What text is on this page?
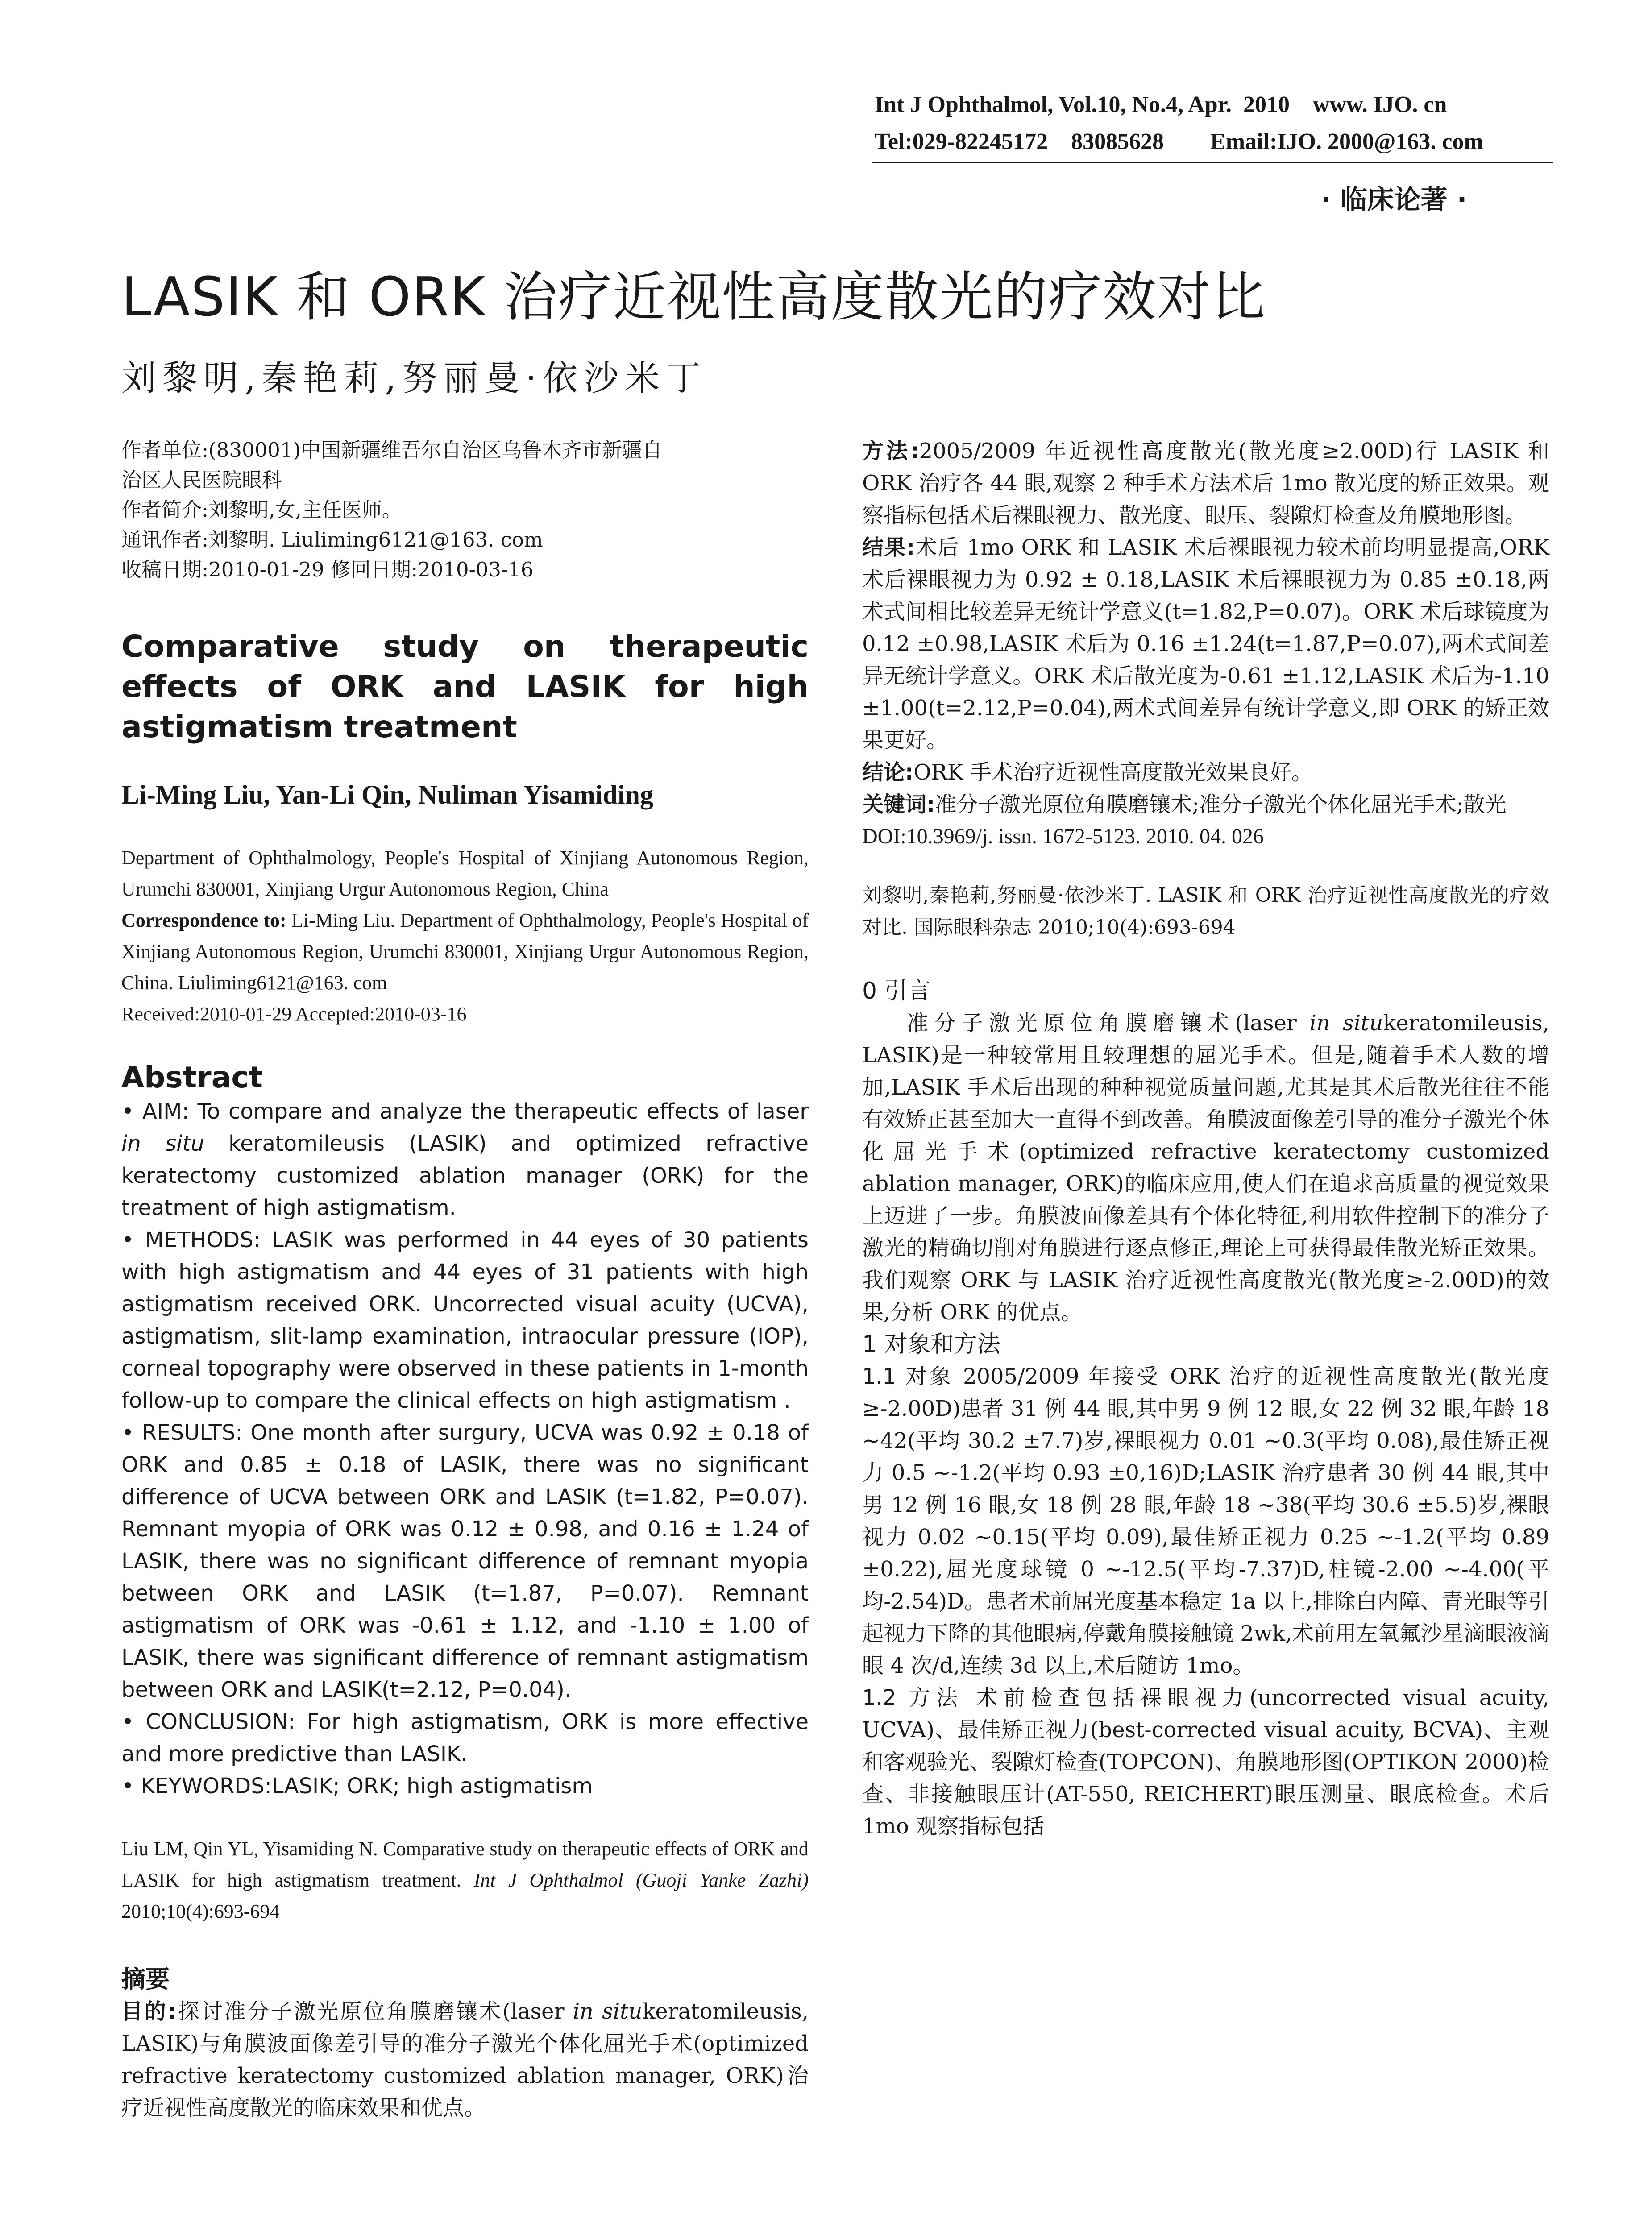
Int J Ophthalmol, Vol.10, No.4, Apr.  2010    www. IJO. cn
Tel:029-82245172    83085628        Email:IJO. 2000@163. com
· 临床论著 ·
LASIK 和 ORK 治疗近视性高度散光的疗效对比
刘黎明,秦艳莉,努丽曼·依沙米丁
作者单位:(830001)中国新疆维吾尔自治区乌鲁木齐市新疆自
治区人民医院眼科
作者简介:刘黎明,女,主任医师。
通讯作者:刘黎明. Liuliming6121@163. com
收稿日期:2010-01-29 修回日期:2010-03-16
Comparative study on therapeutic effects of ORK and LASIK for high astigmatism treatment
Li-Ming Liu, Yan-Li Qin, Nuliman Yisamiding
Department of Ophthalmology, People's Hospital of Xinjiang Autonomous Region, Urumchi 830001, Xinjiang Urgur Autonomous Region, China
Correspondence to: Li-Ming Liu. Department of Ophthalmology, People's Hospital of Xinjiang Autonomous Region, Urumchi 830001, Xinjiang Urgur Autonomous Region, China. Liuliming6121@163. com
Received:2010-01-29 Accepted:2010-03-16
Abstract

• AIM: To compare and analyze the therapeutic effects of laser in situ keratomileusis (LASIK) and optimized refractive keratectomy customized ablation manager (ORK) for the treatment of high astigmatism.

• METHODS: LASIK was performed in 44 eyes of 30 patients with high astigmatism and 44 eyes of 31 patients with high astigmatism received ORK. Uncorrected visual acuity (UCVA), astigmatism, slit-lamp examination, intraocular pressure (IOP), corneal topography were observed in these patients in 1-month follow-up to compare the clinical effects on high astigmatism .

• RESULTS: One month after surgury, UCVA was 0.92 ± 0.18 of ORK and 0.85 ± 0.18 of LASIK, there was no significant difference of UCVA between ORK and LASIK (t=1.82, P=0.07). Remnant myopia of ORK was 0.12 ± 0.98, and 0.16 ± 1.24 of LASIK, there was no significant difference of remnant myopia between ORK and LASIK (t=1.87, P=0.07). Remnant astigmatism of ORK was -0.61 ± 1.12, and -1.10 ± 1.00 of LASIK, there was significant difference of remnant astigmatism between ORK and LASIK(t=2.12, P=0.04).

• CONCLUSION: For high astigmatism, ORK is more effective and more predictive than LASIK.

• KEYWORDS:LASIK; ORK; high astigmatism

Liu LM, Qin YL, Yisamiding N. Comparative study on therapeutic effects of ORK and LASIK for high astigmatism treatment. Int J Ophthalmol (Guoji Yanke Zazhi) 2010;10(4):693-694
摘要
目的:探讨准分子激光原位角膜磨镶术(laser in situkeratomileusis, LASIK)与角膜波面像差引导的准分子激光个体化屈光手术(optimized refractive keratectomy customized ablation manager, ORK)治疗近视性高度散光的临床效果和优点。

方法:2005/2009 年近视性高度散光(散光度≥2.00D)行 LASIK 和 ORK 治疗各 44 眼,观察 2 种手术方法术后 1mo 散光度的矫正效果。观察指标包括术后裸眼视力、散光度、眼压、裂隙灯检查及角膜地形图。

结果:术后 1mo ORK 和 LASIK 术后裸眼视力较术前均明显提高,ORK 术后裸眼视力为 0.92 ± 0.18,LASIK 术后裸眼视力为 0.85 ±0.18,两术式间相比较差异无统计学意义(t=1.82,P=0.07)。ORK 术后球镜度为 0.12 ±0.98,LASIK 术后为 0.16 ±1.24(t=1.87,P=0.07),两术式间差异无统计学意义。ORK 术后散光度为-0.61 ±1.12,LASIK 术后为-1.10 ±1.00(t=2.12,P=0.04),两术式间差异有统计学意义,即 ORK 的矫正效果更好。

结论:ORK 手术治疗近视性高度散光效果良好。

关键词:准分子激光原位角膜磨镶术;准分子激光个体化屈光手术;散光

DOI:10.3969/j. issn. 1672-5123. 2010. 04. 026

刘黎明,秦艳莉,努丽曼·依沙米丁. LASIK 和 ORK 治疗近视性高度散光的疗效对比. 国际眼科杂志 2010;10(4):693-694

0 引言

准分子激光原位角膜磨镶术(laser in situkeratomileusis, LASIK)是一种较常用且较理想的屈光手术。但是,随着手术人数的增加,LASIK 手术后出现的种种视觉质量问题,尤其是其术后散光往往不能有效矫正甚至加大一直得不到改善。角膜波面像差引导的准分子激光个体化屈光手术(optimized refractive keratectomy customized ablation manager, ORK)的临床应用,使人们在追求高质量的视觉效果上迈进了一步。角膜波面像差具有个体化特征,利用软件控制下的准分子激光的精确切削对角膜进行逐点修正,理论上可获得最佳散光矫正效果。我们观察 ORK 与 LASIK 治疗近视性高度散光(散光度≥-2.00D)的效果,分析 ORK 的优点。

1 对象和方法

1.1 对象 2005/2009 年接受 ORK 治疗的近视性高度散光(散光度≥-2.00D)患者 31 例 44 眼,其中男 9 例 12 眼,女 22 例 32 眼,年龄 18 ~42(平均 30.2 ±7.7)岁,裸眼视力 0.01 ~0.3(平均 0.08),最佳矫正视力 0.5 ~-1.2(平均 0.93 ±0,16)D;LASIK 治疗患者 30 例 44 眼,其中男 12 例 16 眼,女 18 例 28 眼,年龄 18 ~38(平均 30.6 ±5.5)岁,裸眼视力 0.02 ~0.15(平均 0.09),最佳矫正视力 0.25 ~-1.2(平均 0.89 ±0.22),屈光度球镜 0 ~-12.5(平均-7.37)D,柱镜-2.00 ~-4.00(平均-2.54)D。患者术前屈光度基本稳定 1a 以上,排除白内障、青光眼等引起视力下降的其他眼病,停戴角膜接触镜 2wk,术前用左氧氟沙星滴眼液滴眼 4 次/d,连续 3d 以上,术后随访 1mo。

1.2 方法 术前检查包括裸眼视力(uncorrected visual acuity, UCVA)、最佳矫正视力(best-corrected visual acuity, BCVA)、主观和客观验光、裂隙灯检查(TOPCON)、角膜地形图(OPTIKON 2000)检查、非接触眼压计(AT-550, REICHERT)眼压测量、眼底检查。术后 1mo 观察指标包括
